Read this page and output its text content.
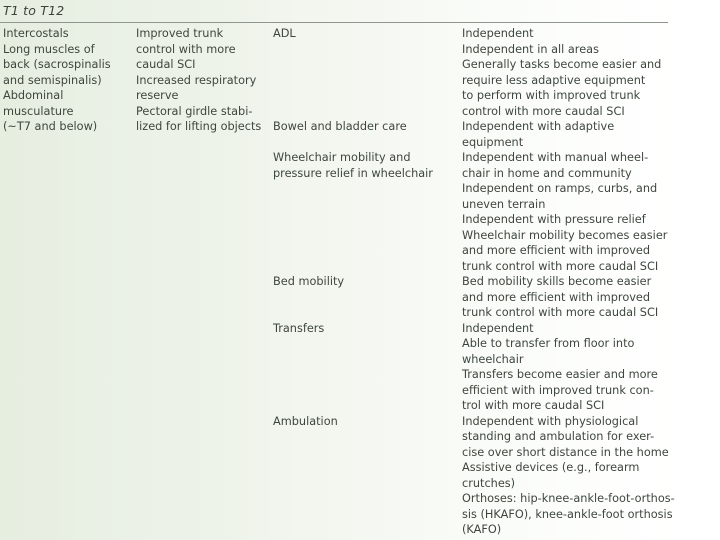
T1 to T12
Intercostals
Long muscles of
back (sacrospinalis
and semispinalis)
Abdominal
musculature
(~T7 and below)
Improved trunk
control with more
caudal SCI
Increased respiratory
reserve
Pectoral girdle stabi-
lized for lifting objects
ADL
Bowel and bladder care
Wheelchair mobility and
pressure relief in wheelchair
Bed mobility
Transfers
Ambulation
Independent
Independent in all areas
Generally tasks become easier and
require less adaptive equipment
to perform with improved trunk
control with more caudal SCI
Independent with adaptive
equipment
Independent with manual wheel-
chair in home and community
Independent on ramps, curbs, and
uneven terrain
Independent with pressure relief
Wheelchair mobility becomes easier
and more efficient with improved
trunk control with more caudal SCI
Bed mobility skills become easier
and more efficient with improved
trunk control with more caudal SCI
Independent
Able to transfer from floor into
wheelchair
Transfers become easier and more
efficient with improved trunk con-
trol with more caudal SCI
Independent with physiological
standing and ambulation for exer-
cise over short distance in the home
Assistive devices (e.g., forearm
crutches)
Orthoses: hip-knee-ankle-foot-orthos-
sis (HKAFO), knee-ankle-foot orthosis
(KAFO)
